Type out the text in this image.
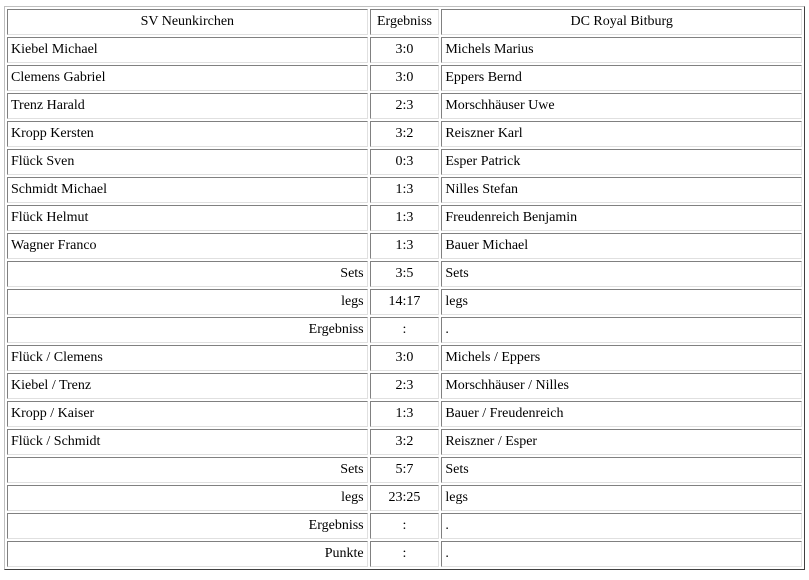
SV Neunkirchen	Ergebniss	DC Royal Bitburg
Kiebel Michael	3:0	Michels Marius
Clemens Gabriel	3:0	Eppers Bernd
Trenz Harald	2:3	Morschhäuser Uwe
Kropp Kersten	3:2	Reiszner Karl
Flück Sven	0:3	Esper Patrick
Schmidt Michael	1:3	Nilles Stefan
Flück Helmut	1:3	Freudenreich Benjamin
Wagner Franco	1:3	Bauer Michael
Sets	3:5	Sets
legs	14:17	legs
Ergebniss	:	.
Flück / Clemens	3:0	Michels / Eppers
Kiebel / Trenz	2:3	Morschhäuser / Nilles
Kropp / Kaiser	1:3	Bauer / Freudenreich
Flück / Schmidt	3:2	Reiszner / Esper
Sets	5:7	Sets
legs	23:25	legs
Ergebniss	:	.
Punkte	:	.
